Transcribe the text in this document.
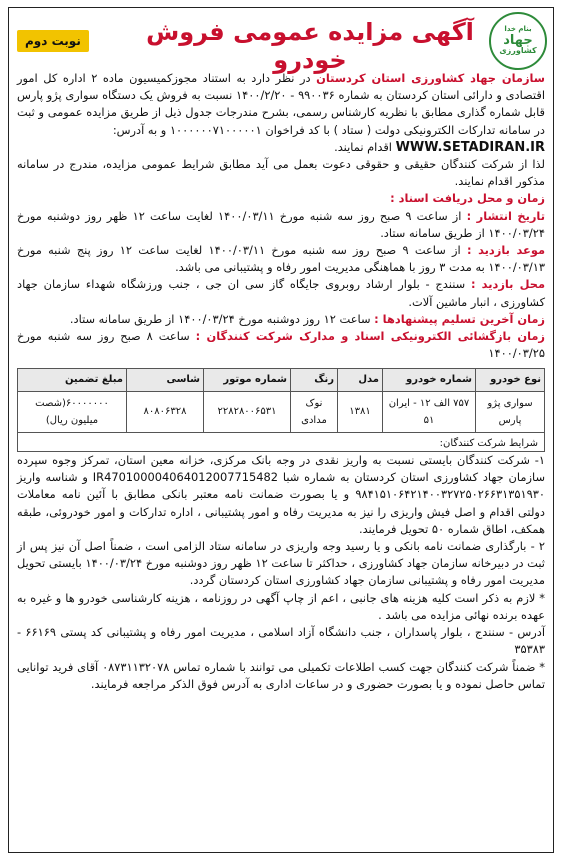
بنام خدا
جهاد
کشاورزی
آگهی مزایده عمومی فروش خودرو
نوبت دوم

سازمان جهاد کشاورزی استان کردستان در نظر دارد به استناد مجوزکمیسیون ماده ۲ اداره کل امور اقتصادی و دارائی استان کردستان به شماره ۹۹۰۰۳۶ - ۱۴۰۰/۲/۲۰ نسبت به فروش یک دستگاه سواری پژو پارس قابل شماره گذاری مطابق با نظریه کارشناس رسمی، بشرح مندرجات جدول ذیل از طریق مزایده عمومی و ثبت در سامانه تدارکات الکترونیکی دولت ( ستاد ) با کد فراخوان ۱۰۰۰۰۰۰۷۱۰۰۰۰۰۱ و به آدرس:
WWW.SETADIRAN.IR اقدام نمایند.

لذا از شرکت کنندگان حقیقی و حقوقی دعوت بعمل می آید مطابق شرایط عمومی مزایده، مندرج در سامانه مذکور اقدام نمایند.

زمان و محل دریافت اسناد :

تاریخ انتشار : از ساعت ۹ صبح روز سه شنبه مورخ ۱۴۰۰/۰۳/۱۱ لغایت ساعت ۱۲ ظهر روز دوشنبه مورخ ۱۴۰۰/۰۳/۲۴ از طریق سامانه ستاد.

موعد بازدید : از ساعت ۹ صبح روز سه شنبه مورخ ۱۴۰۰/۰۳/۱۱ لغایت ساعت ۱۲ روز پنج شنبه مورخ ۱۴۰۰/۰۳/۱۳ به مدت ۳ روز با هماهنگی مدیریت امور رفاه و پشتیبانی می باشد.

محل بازدید : سنندج - بلوار ارشاد روبروی جایگاه گاز سی ان جی ، جنب ورزشگاه شهداء سازمان جهاد کشاورزی ، انبار ماشین آلات.

زمان آخرین تسلیم پیشنهادها : ساعت ۱۲ روز دوشنبه مورخ ۱۴۰۰/۰۳/۲۴ از طریق سامانه ستاد.

زمان بازگشائی الکترونیکی اسناد و مدارک شرکت کنندگان : ساعت ۸ صبح روز سه شنبه مورخ ۱۴۰۰/۰۳/۲۵

نوع خودرو	شماره خودرو	مدل	رنگ	شماره موتور	شاسی	مبلغ تضمین
سواری پژو پارس	۷۵۷ الف ۱۲ - ایران ۵۱	۱۳۸۱	نوک مدادی	۲۲۸۲۸۰۰۶۵۳۱	۸۰۸۰۶۳۲۸	۶۰۰۰۰۰۰۰(شصت میلیون ریال)
شرایط شرکت کنندگان:

۱- شرکت کنندگان بایستی نسبت به واریز نقدی در وجه بانک مرکزی، خزانه معین استان، تمرکز وجوه سپرده سازمان جهاد کشاورزی استان کردستان به شماره شبا IR470100004064012007715482 و شناسه واریز ۹۸۴۱۵۱۰۶۴۲۱۴۰۰۳۲۷۲۵۰۲۶۶۳۱۳۵۱۹۳۰ و یا بصورت ضمانت نامه معتبر بانکی مطابق با آئین نامه معاملات دولتی اقدام و اصل فیش واریزی را نیز به مدیریت رفاه و امور پشتیبانی ، اداره تدارکات و امور خودروئی، طبقه همکف، اطاق شماره ۵۰ تحویل فرمایند.

۲ - بارگذاری ضمانت نامه بانکی و یا رسید وجه واریزی در سامانه ستاد الزامی است ، ضمناً اصل آن نیز پس از ثبت در دبیرخانه سازمان جهاد کشاورزی ، حداکثر تا ساعت ۱۲ ظهر روز دوشنبه مورخ ۱۴۰۰/۰۳/۲۴ بایستی تحویل مدیریت امور رفاه و پشتیبانی سازمان جهاد کشاورزی استان کردستان گردد.

* لازم به ذکر است کلیه هزینه های جانبی ، اعم از چاپ آگهی در روزنامه ، هزینه کارشناسی خودرو ها و غیره به عهده برنده نهائی مزایده می باشد .

آدرس - سنندج ، بلوار پاسداران ، جنب دانشگاه آزاد اسلامی ، مدیریت امور رفاه و پشتیبانی کد پستی ۶۶۱۶۹ - ۳۵۳۸۳

* ضمناً شرکت کنندگان جهت کسب اطلاعات تکمیلی می توانند با شماره تماس ۰۸۷۳۱۱۳۲۰۷۸ آقای فرید توانایی تماس حاصل نموده و یا بصورت حضوری و در ساعات اداری به آدرس فوق الذکر مراجعه فرمایند.
